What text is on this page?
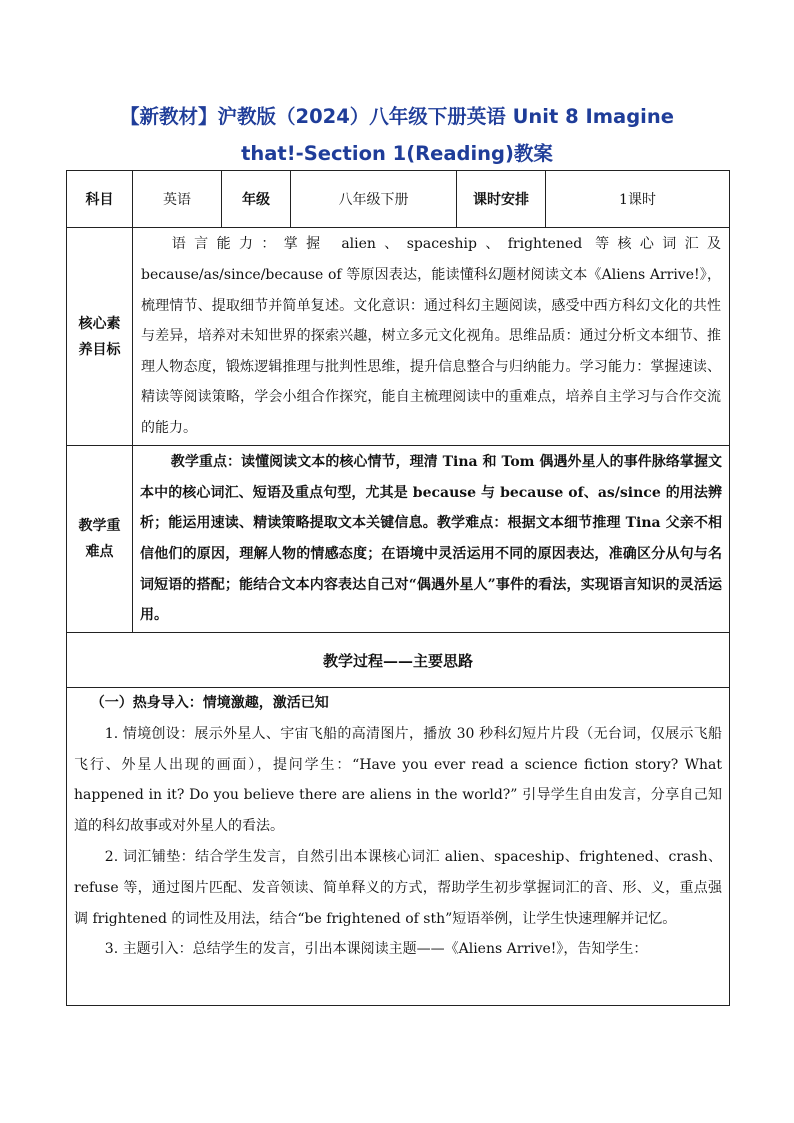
【新教材】沪教版（2024）八年级下册英语 Unit 8 Imagine
that!-Section 1(Reading)教案
科目	英语	年级	八年级下册	课时安排	1课时

核心素
养目标	语言能力：掌握 alien、spaceship、frightened 等核心词汇及 because/as/since/because of 等原因表达，能读懂科幻题材阅读文本《Aliens Arrive!》，梳理情节、提取细节并简单复述。文化意识：通过科幻主题阅读，感受中西方科幻文化的共性与差异，培养对未知世界的探索兴趣，树立多元文化视角。思维品质：通过分析文本细节、推理人物态度，锻炼逻辑推理与批判性思维，提升信息整合与归纳能力。学习能力：掌握速读、精读等阅读策略，学会小组合作探究，能自主梳理阅读中的重难点，培养自主学习与合作交流的能力。				

教学重
难点	教学重点：读懂阅读文本的核心情节，理清 Tina 和 Tom 偶遇外星人的事件脉络掌握文本中的核心词汇、短语及重点句型，尤其是 because 与 because of、as/since 的用法辨析；能运用速读、精读策略提取文本关键信息。教学难点：根据文本细节推理 Tina 父亲不相信他们的原因，理解人物的情感态度；在语境中灵活运用不同的原因表达，准确区分从句与名词短语的搭配；能结合文本内容表达自己对“偶遇外星人”事件的看法，实现语言知识的灵活运用。				

教学过程——主要思路					

（一）热身导入：情境激趣，激活已知

1. 情境创设：展示外星人、宇宙飞船的高清图片，播放 30 秒科幻短片片段（无台词，仅展示飞船飞行、外星人出现的画面），提问学生：“Have you ever read a science fiction story? What happened in it? Do you believe there are aliens in the world?” 引导学生自由发言，分享自己知道的科幻故事或对外星人的看法。

2. 词汇铺垫：结合学生发言，自然引出本课核心词汇 alien、spaceship、frightened、crash、refuse 等，通过图片匹配、发音领读、简单释义的方式，帮助学生初步掌握词汇的音、形、义，重点强调 frightened 的词性及用法，结合“be frightened of sth”短语举例，让学生快速理解并记忆。

3. 主题引入：总结学生的发言，引出本课阅读主题——《Aliens Arrive!》，告知学生：					
